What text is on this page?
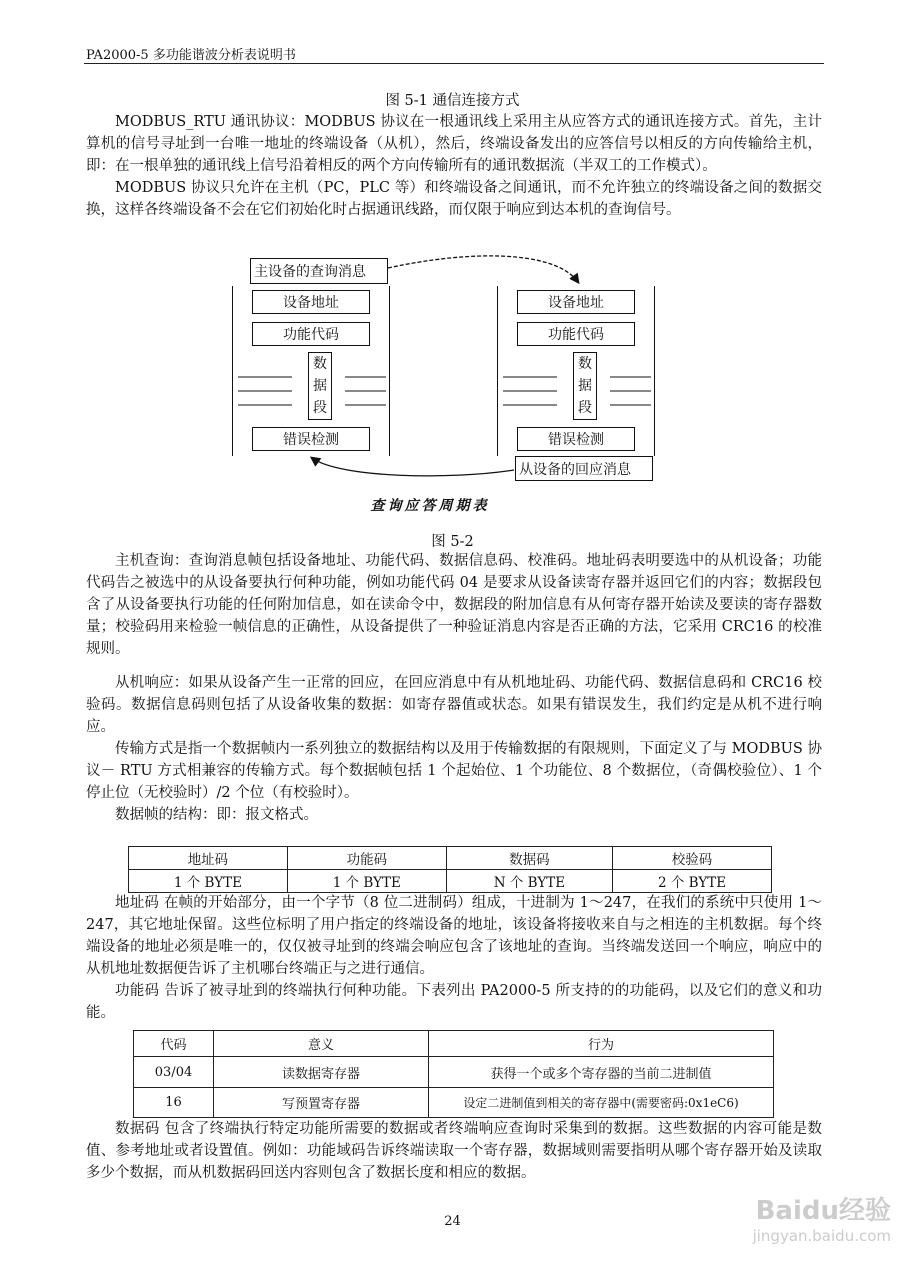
PA2000-5 多功能谐波分析表说明书
图 5-1 通信连接方式
MODBUS_RTU 通讯协议：MODBUS 协议在一根通讯线上采用主从应答方式的通讯连接方式。首先，主计算机的信号寻址到一台唯一地址的终端设备（从机），然后，终端设备发出的应答信号以相反的方向传输给主机，即：在一根单独的通讯线上信号沿着相反的两个方向传输所有的通讯数据流（半双工的工作模式）。
MODBUS 协议只允许在主机（PC，PLC 等）和终端设备之间通讯，而不允许独立的终端设备之间的数据交换，这样各终端设备不会在它们初始化时占据通讯线路，而仅限于响应到达本机的查询信号。
主设备的查询消息
从设备的回应消息
设备地址
功能代码
数
据
段
错误检测
设备地址
功能代码
数
据
段
错误检测
查询应答周期表
图 5-2
主机查询：查询消息帧包括设备地址、功能代码、数据信息码、校准码。地址码表明要选中的从机设备；功能代码告之被选中的从设备要执行何种功能，例如功能代码 04 是要求从设备读寄存器并返回它们的内容；数据段包含了从设备要执行功能的任何附加信息，如在读命令中，数据段的附加信息有从何寄存器开始读及要读的寄存器数量；校验码用来检验一帧信息的正确性，从设备提供了一种验证消息内容是否正确的方法，它采用 CRC16 的校准规则。
从机响应：如果从设备产生一正常的回应，在回应消息中有从机地址码、功能代码、数据信息码和 CRC16 校验码。数据信息码则包括了从设备收集的数据：如寄存器值或状态。如果有错误发生，我们约定是从机不进行响应。
传输方式是指一个数据帧内一系列独立的数据结构以及用于传输数据的有限规则，下面定义了与 MODBUS 协议－ RTU 方式相兼容的传输方式。每个数据帧包括 1 个起始位、1 个功能位、8 个数据位，（奇偶校验位）、1 个停止位（无校验时）/2 个位（有校验时）。
数据帧的结构：即：报文格式。
地址码	功能码	数据码	校验码
1 个 BYTE	1 个 BYTE	N 个 BYTE	2 个 BYTE
地址码 在帧的开始部分，由一个字节（8 位二进制码）组成，十进制为 1～247，在我们的系统中只使用 1～247，其它地址保留。这些位标明了用户指定的终端设备的地址，该设备将接收来自与之相连的主机数据。每个终端设备的地址必须是唯一的，仅仅被寻址到的终端会响应包含了该地址的查询。当终端发送回一个响应，响应中的从机地址数据便告诉了主机哪台终端正与之进行通信。
功能码 告诉了被寻址到的终端执行何种功能。下表列出 PA2000-5 所支持的的功能码，以及它们的意义和功能。
代码	意义	行为
03/04	读数据寄存器	获得一个或多个寄存器的当前二进制值
16	写预置寄存器	设定二进制值到相关的寄存器中(需要密码:0x1eC6)
数据码 包含了终端执行特定功能所需要的数据或者终端响应查询时采集到的数据。这些数据的内容可能是数值、参考地址或者设置值。例如：功能域码告诉终端读取一个寄存器，数据域则需要指明从哪个寄存器开始及读取多少个数据，而从机数据码回送内容则包含了数据长度和相应的数据。
24	Baidu经验
jingyan.baidu.com
